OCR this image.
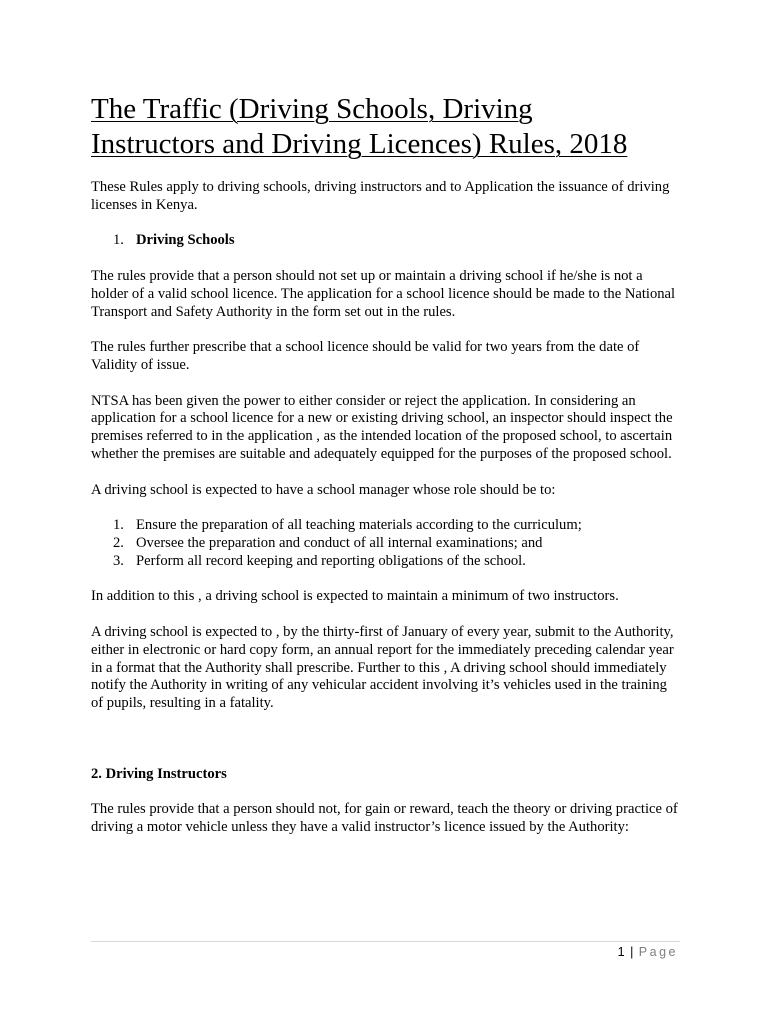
The Traffic (Driving Schools, Driving
Instructors and Driving Licences) Rules, 2018

These Rules apply to driving schools, driving instructors and to Application the issuance of driving licenses in Kenya.

1. Driving Schools

The rules provide that a person should not set up or maintain a driving school if he/she is not a holder of a valid school licence. The application for a school licence should be made to the National Transport and Safety Authority in the form set out in the rules.

The rules further prescribe that a school licence should be valid for two years from the date of Validity of issue.

NTSA has been given the power to either consider or reject the application. In considering an application for a school licence for a new or existing driving school, an inspector should inspect the premises referred to in the application , as the intended location of the proposed school, to ascertain whether the premises are suitable and adequately equipped for the purposes of the proposed school.

A driving school is expected to have a school manager whose role should be to:

1. Ensure the preparation of all teaching materials according to the curriculum;
2. Oversee the preparation and conduct of all internal examinations; and
3. Perform all record keeping and reporting obligations of the school.

In addition to this , a driving school is expected to maintain a minimum of two instructors.

A driving school is expected to , by the thirty-first of January of every year, submit to the Authority, either in electronic or hard copy form, an annual report for the immediately preceding calendar year in a format that the Authority shall prescribe. Further to this , A driving school should immediately notify the Authority in writing of any vehicular accident involving it’s vehicles used in the training of pupils, resulting in a fatality.

2. Driving Instructors

The rules provide that a person should not, for gain or reward, teach the theory or driving practice of driving a motor vehicle unless they have a valid instructor’s licence issued by the Authority:

1 | Page
